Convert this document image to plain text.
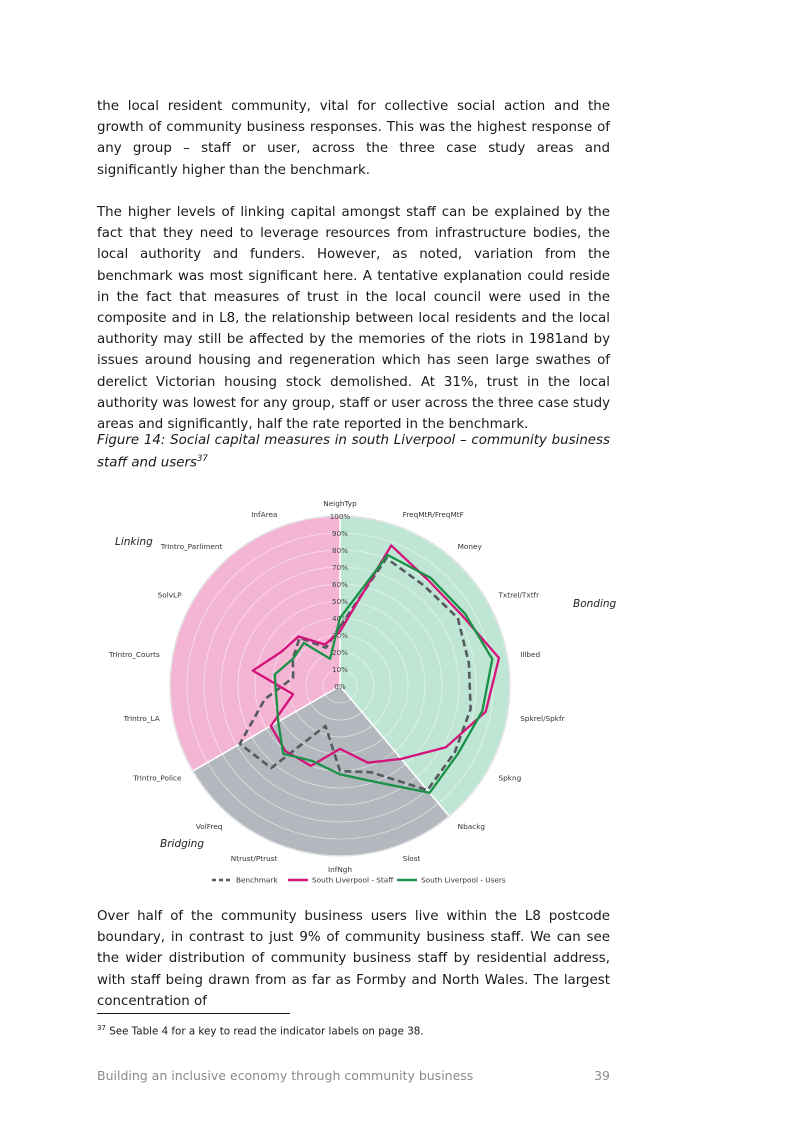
the local resident community, vital for collective social action and the growth of community business responses. This was the highest response of any group – staff or user, across the three case study areas and significantly higher than the benchmark.

The higher levels of linking capital amongst staff can be explained by the fact that they need to leverage resources from infrastructure bodies, the local authority and funders. However, as noted, variation from the benchmark was most significant here. A tentative explanation could reside in the fact that measures of trust in the local council were used in the composite and in L8, the relationship between local residents and the local authority may still be affected by the memories of the riots in 1981and by issues around housing and regeneration which has seen large swathes of derelict Victorian housing stock demolished. At 31%, trust in the local authority was lowest for any group, staff or user across the three case study areas and significantly, half the rate reported in the benchmark.

Figure 14: Social capital measures in south Liverpool – community business staff and users$^{37}$

0%
10%
20%
30%
40%
50%
60%
70%
80%
90%
100%
NeighTyp
FreqMtR/FreqMtF
Money
Txtrel/Txtfr
Illbed
Spkrel/Spkfr
Spkng
Nbackg
Slost
InfNgh
Ntrust/Ptrust
VolFreq
TrIntro_Police
TrIntro_LA
TrIntro_Courts
SolvLP
TrIntro_Parliment
InfArea
Linking
Bonding
Bridging
Benchmark	South Liverpool - Staff	South Liverpool - Users

Over half of the community business users live within the L8 postcode boundary, in contrast to just 9% of community business staff. We can see the wider distribution of community business staff by residential address, with staff being drawn from as far as Formby and North Wales. The largest concentration of

$^{37}$ See Table 4 for a key to read the indicator labels on page 38.

Building an inclusive economy through community business	39
